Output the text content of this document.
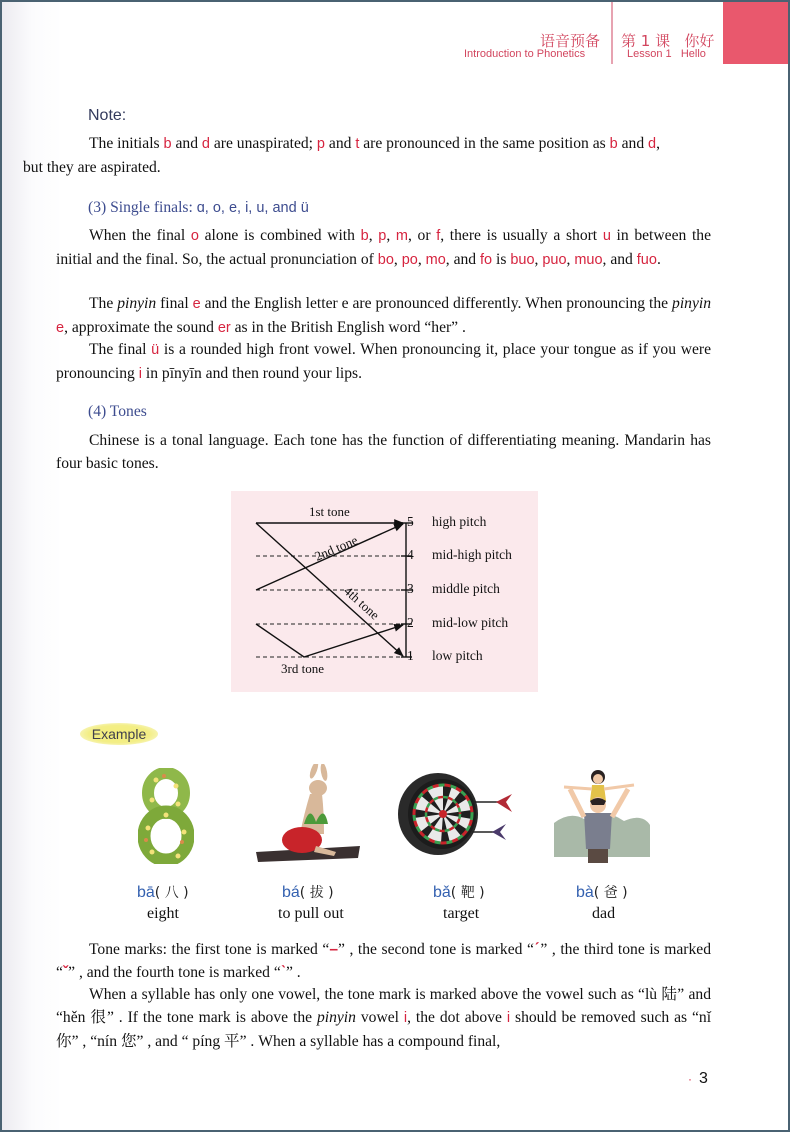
语音预备
Introduction to Phonetics
第 1 课   你好
Lesson 1   Hello
Note:
The initials b and d are unaspirated; p and t are pronounced in the same position as b and d,
but they are aspirated.
(3) Single finals: ɑ, o, e, i, u, and ü
When the final o alone is combined with b, p, m, or f, there is usually a short u in between the initial and the final. So, the actual pronunciation of bo, po, mo, and fo is buo, puo, muo, and fuo.
The pinyin final e and the English letter e are pronounced differently. When pronouncing the pinyin e, approximate the sound er as in the British English word “her” .
The final ü is a rounded high front vowel. When pronouncing it, place your tongue as if you were pronouncing i in pīnyīn and then round your lips.
(4) Tones
Chinese is a tonal language. Each tone has the function of differentiating meaning. Mandarin has four basic tones.
1st tone
2nd tone
4th tone
3rd tone
5
4
3
2
1
high pitch
mid-high pitch
middle pitch
mid-low pitch
low pitch
Example
bā( 八 )
eight
bá( 拔 )
to pull out
bǎ( 靶 )
target
bà( 爸 )
dad
Tone marks: the first tone is marked “–” , the second tone is marked “ˊ” , the third tone is marked “ˇ” , and the fourth tone is marked “ˋ” .
When a syllable has only one vowel, the tone mark is marked above the vowel such as “lù 陆” and “hěn 很” . If the tone mark is above the pinyin vowel i, the dot above i should be removed such as “nǐ 你” , “nín 您” , and “ píng 平” . When a syllable has a compound final,
· 3
